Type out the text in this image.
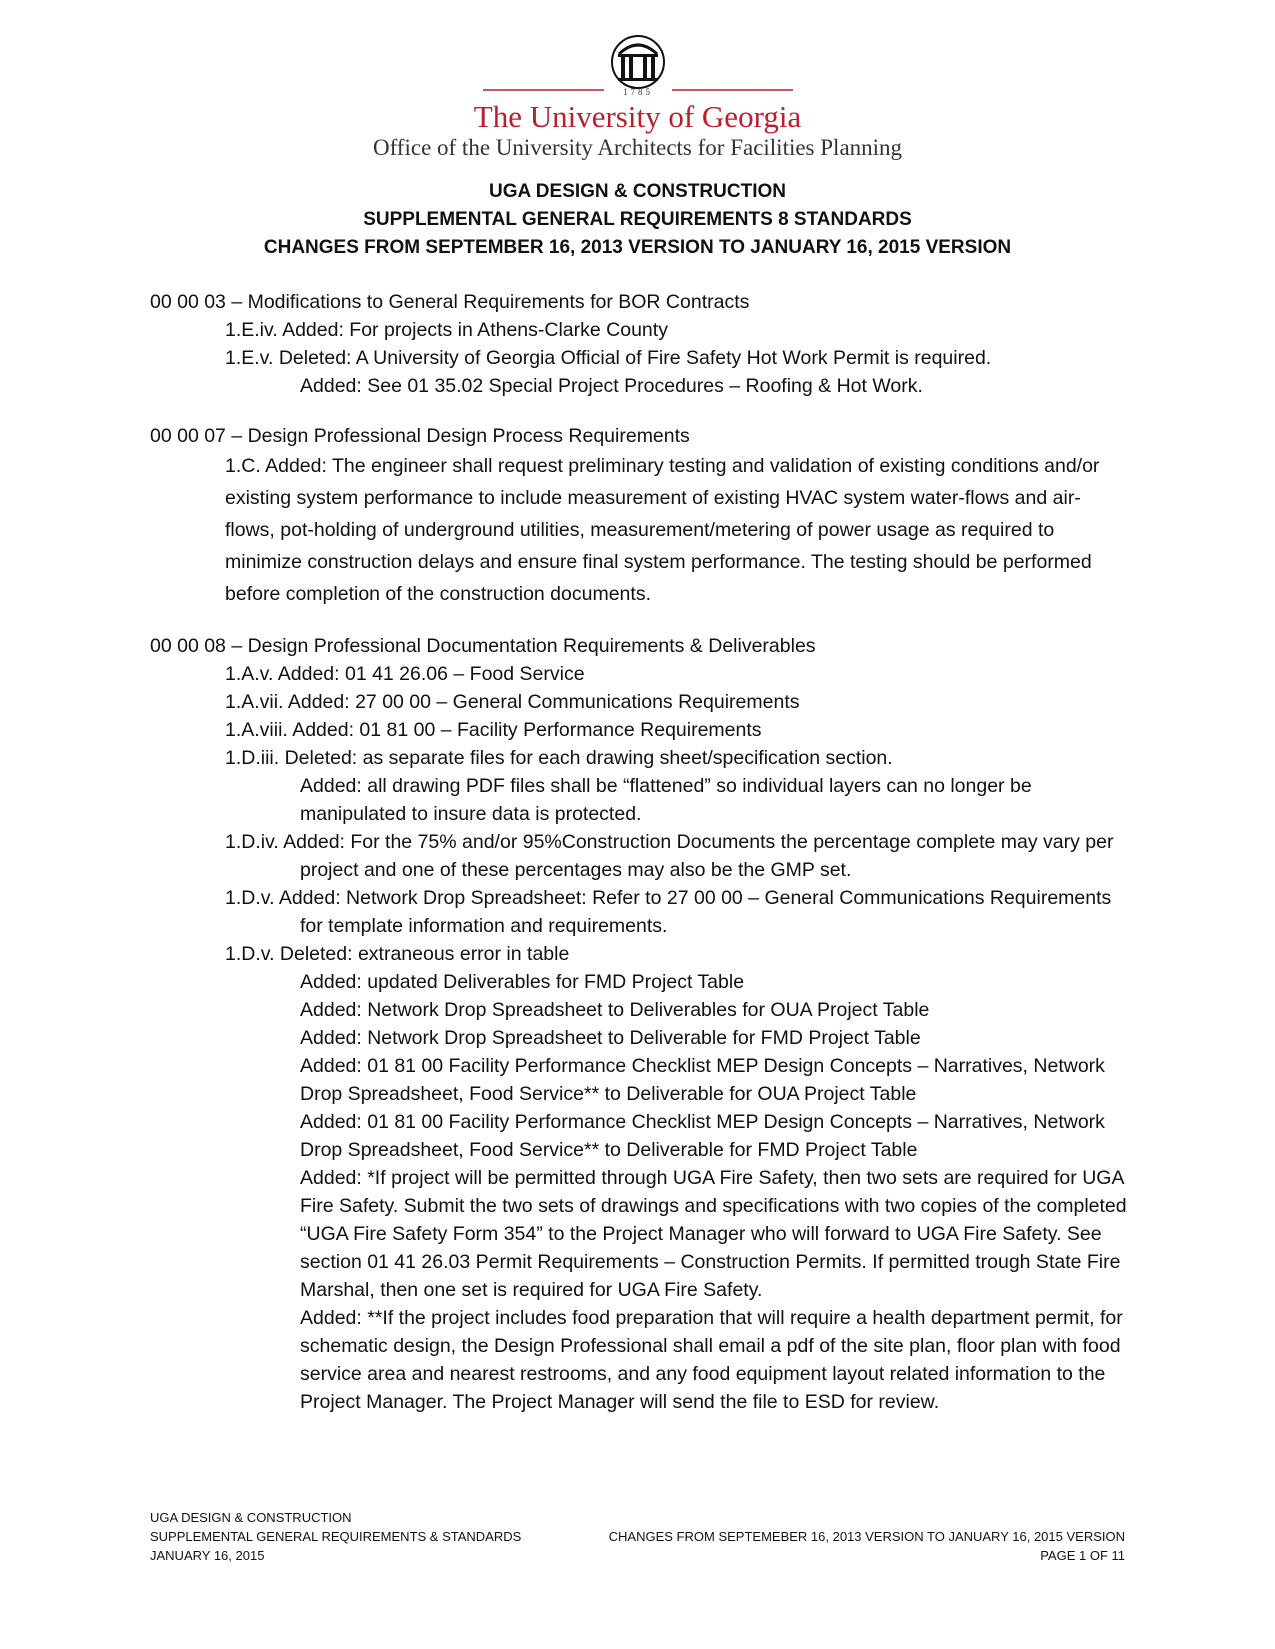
1785
The University of Georgia
Office of the University Architects for Facilities Planning
UGA DESIGN & CONSTRUCTION
SUPPLEMENTAL GENERAL REQUIREMENTS 8 STANDARDS
CHANGES FROM SEPTEMBER 16, 2013 VERSION TO JANUARY 16, 2015 VERSION
00 00 03 – Modifications to General Requirements for BOR Contracts
1.E.iv. Added: For projects in Athens-Clarke County
1.E.v. Deleted: A University of Georgia Official of Fire Safety Hot Work Permit is required.
Added: See 01 35.02 Special Project Procedures – Roofing & Hot Work.
00 00 07 – Design Professional Design Process Requirements
1.C. Added: The engineer shall request preliminary testing and validation of existing conditions and/or existing system performance to include measurement of existing HVAC system water-flows and air-flows, pot-holding of underground utilities, measurement/metering of power usage as required to minimize construction delays and ensure final system performance. The testing should be performed before completion of the construction documents.
00 00 08 – Design Professional Documentation Requirements & Deliverables
1.A.v. Added: 01 41 26.06 – Food Service
1.A.vii. Added: 27 00 00 – General Communications Requirements
1.A.viii. Added: 01 81 00 – Facility Performance Requirements
1.D.iii. Deleted: as separate files for each drawing sheet/specification section.
Added: all drawing PDF files shall be “flattened” so individual layers can no longer be manipulated to insure data is protected.
1.D.iv. Added: For the 75% and/or 95%Construction Documents the percentage complete may vary per project and one of these percentages may also be the GMP set.
1.D.v. Added: Network Drop Spreadsheet: Refer to 27 00 00 – General Communications Requirements for template information and requirements.
1.D.v. Deleted: extraneous error in table
Added: updated Deliverables for FMD Project Table
Added: Network Drop Spreadsheet to Deliverables for OUA Project Table
Added: Network Drop Spreadsheet to Deliverable for FMD Project Table
Added: 01 81 00 Facility Performance Checklist MEP Design Concepts – Narratives, Network Drop Spreadsheet, Food Service** to Deliverable for OUA Project Table
Added: 01 81 00 Facility Performance Checklist MEP Design Concepts – Narratives, Network Drop Spreadsheet, Food Service** to Deliverable for FMD Project Table
Added: *If project will be permitted through UGA Fire Safety, then two sets are required for UGA Fire Safety. Submit the two sets of drawings and specifications with two copies of the completed “UGA Fire Safety Form 354” to the Project Manager who will forward to UGA Fire Safety. See section 01 41 26.03 Permit Requirements – Construction Permits. If permitted trough State Fire Marshal, then one set is required for UGA Fire Safety.
Added: **If the project includes food preparation that will require a health department permit, for schematic design, the Design Professional shall email a pdf of the site plan, floor plan with food service area and nearest restrooms, and any food equipment layout related information to the Project Manager. The Project Manager will send the file to ESD for review.
UGA DESIGN & CONSTRUCTION
SUPPLEMENTAL GENERAL REQUIREMENTS & STANDARDS	CHANGES FROM SEPTEMEBER 16, 2013 VERSION TO JANUARY 16, 2015 VERSION
JANUARY 16, 2015	PAGE 1 OF 11
